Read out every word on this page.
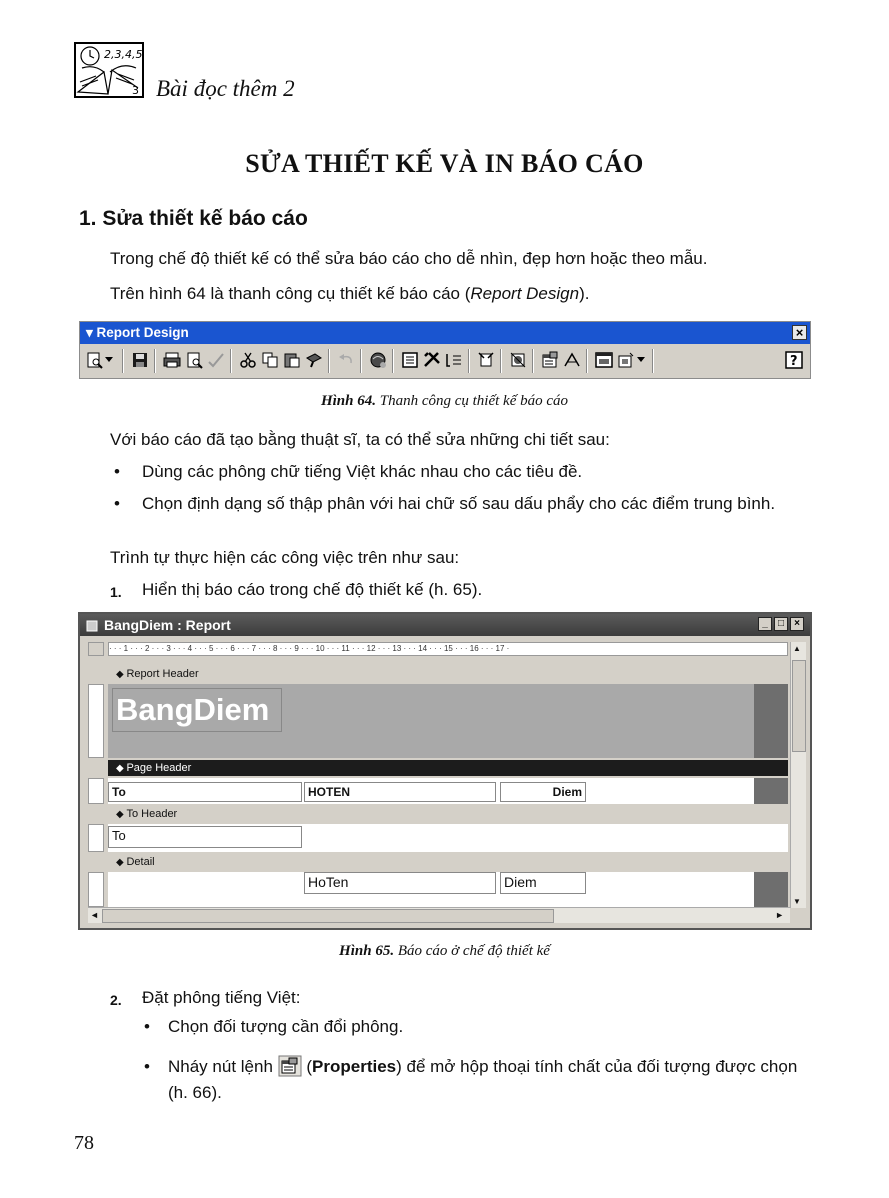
2,3,4,5
3 Bài đọc thêm 2
SỬA THIẾT KẾ VÀ IN BÁO CÁO
1. Sửa thiết kế báo cáo
Trong chế độ thiết kế có thể sửa báo cáo cho dễ nhìn, đẹp hơn hoặc theo mẫu.
Trên hình 64 là thanh công cụ thiết kế báo cáo (Report Design).
▾ Report Design	×
?
Hình 64. Thanh công cụ thiết kế báo cáo
Với báo cáo đã tạo bằng thuật sĩ, ta có thể sửa những chi tiết sau:
• Dùng các phông chữ tiếng Việt khác nhau cho các tiêu đề.
• Chọn định dạng số thập phân với hai chữ số sau dấu phẩy cho các điểm trung bình.
Trình tự thực hiện các công việc trên như sau:
1. Hiển thị báo cáo trong chế độ thiết kế (h. 65).
BangDiem : Report	_	□	×
· · · 1 · · · 2 · · · 3 · · · 4 · · · 5 · · · 6 · · · 7 · · · 8 · · · 9 · · · 10 · · · 11 · · · 12 · · · 13 · · · 14 · · · 15 · · · 16 · · · 17 ·
◆ Report Header
BangDiem
◆ Page Header
To	HOTEN	Diem
◆ To Header
To
◆ Detail
HoTen	Diem
▲
▼
◄	►
Hình 65. Báo cáo ở chế độ thiết kế
2. Đặt phông tiếng Việt:
• Chọn đối tượng cần đổi phông.
• Nháy nút lệnh  (Properties) để mở hộp thoại tính chất của đối tượng được chọn (h. 66).
78
